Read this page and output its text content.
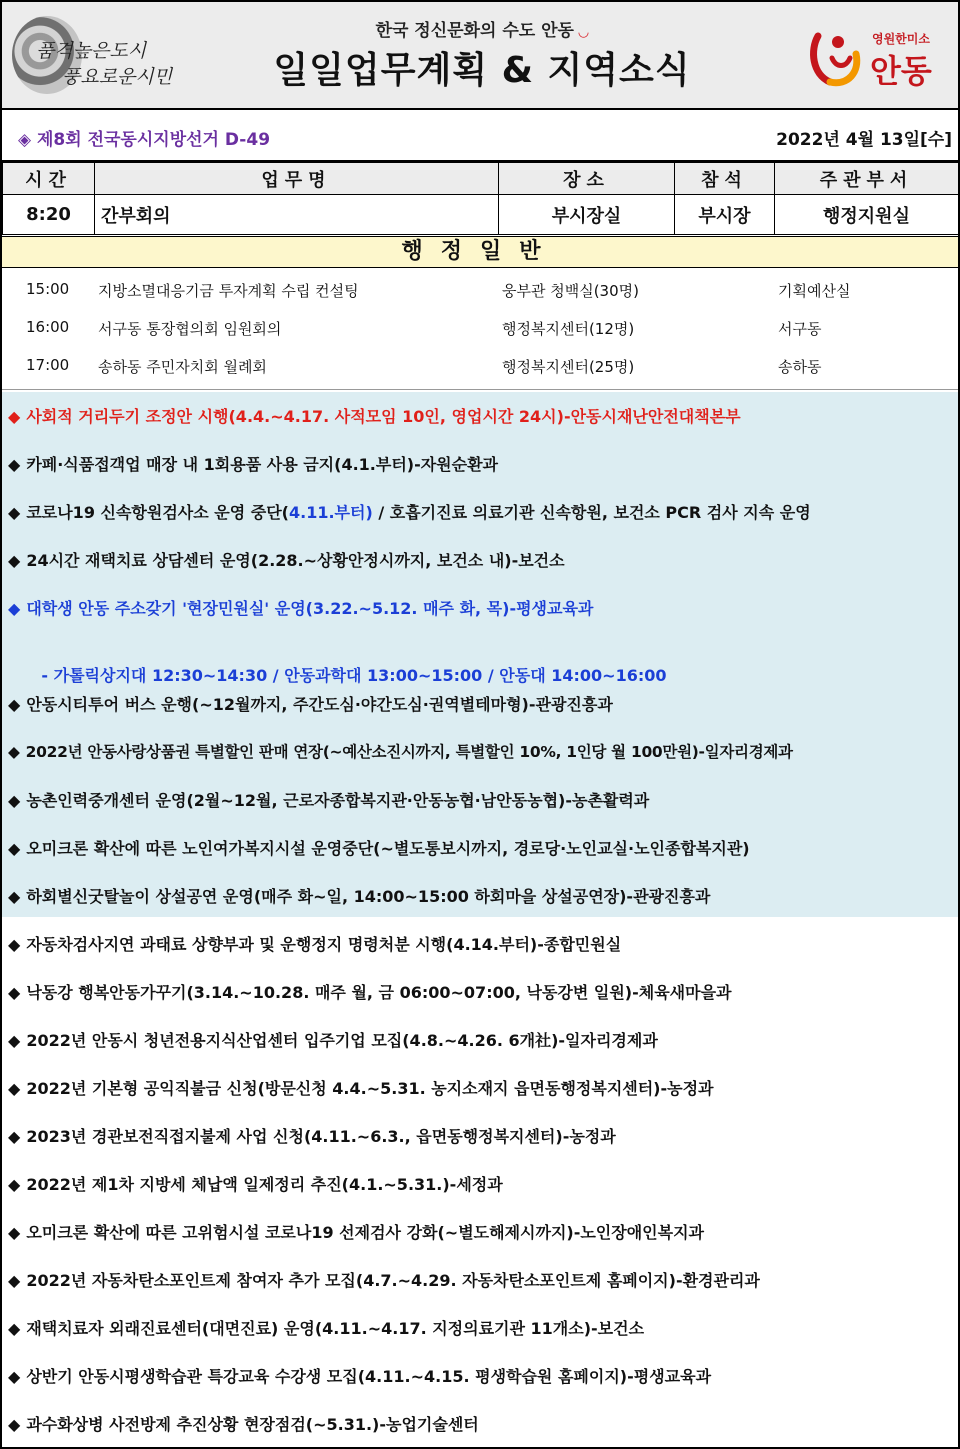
품격높은도시
풍요로운시민
한국 정신문화의 수도 안동 ◡
일일업무계획 & 지역소식
영원한미소
안동
◈ 제8회 전국동시지방선거 D-49	2022년 4월 13일[수]
시간	업무명	장소	참석	주관부서
8:20	간부회의	부시장실	부시장	행정지원실
행정일반
15:00 지방소멸대응기금 투자계획 수립 컨설팅	웅부관 청백실(30명)	기획예산실
16:00 서구동 통장협의회 임원회의	행정복지센터(12명)	서구동
17:00 송하동 주민자치회 월례회	행정복지센터(25명)	송하동
◆ 사회적 거리두기 조정안 시행(4.4.~4.17. 사적모임 10인, 영업시간 24시)-안동시재난안전대책본부
◆ 카페·식품접객업 매장 내 1회용품 사용 금지(4.1.부터)-자원순환과
◆ 코로나19 신속항원검사소 운영 중단(4.11.부터) / 호흡기진료 의료기관 신속항원, 보건소 PCR 검사 지속 운영
◆ 24시간 재택치료 상담센터 운영(2.28.~상황안정시까지, 보건소 내)-보건소
◆ 대학생 안동 주소갖기 '현장민원실' 운영(3.22.~5.12. 매주 화, 목)-평생교육과

- 가톨릭상지대 12:30~14:30 / 안동과학대 13:00~15:00 / 안동대 14:00~16:00

◆ 안동시티투어 버스 운행(~12월까지, 주간도심·야간도심·권역별테마형)-관광진흥과
◆ 2022년 안동사랑상품권 특별할인 판매 연장(~예산소진시까지, 특별할인 10%, 1인당 월 100만원)-일자리경제과
◆ 농촌인력중개센터 운영(2월~12월, 근로자종합복지관·안동농협·남안동농협)-농촌활력과
◆ 오미크론 확산에 따른 노인여가복지시설 운영중단(~별도통보시까지, 경로당·노인교실·노인종합복지관)
◆ 하회별신굿탈놀이 상설공연 운영(매주 화~일, 14:00~15:00 하회마을 상설공연장)-관광진흥과
◆ 자동차검사지연 과태료 상향부과 및 운행정지 명령처분 시행(4.14.부터)-종합민원실
◆ 낙동강 행복안동가꾸기(3.14.~10.28. 매주 월, 금 06:00~07:00, 낙동강변 일원)-체육새마을과
◆ 2022년 안동시 청년전용지식산업센터 입주기업 모집(4.8.~4.26. 6개社)-일자리경제과
◆ 2022년 기본형 공익직불금 신청(방문신청 4.4.~5.31. 농지소재지 읍면동행정복지센터)-농정과
◆ 2023년 경관보전직접지불제 사업 신청(4.11.~6.3., 읍면동행정복지센터)-농정과
◆ 2022년 제1차 지방세 체납액 일제정리 추진(4.1.~5.31.)-세정과
◆ 오미크론 확산에 따른 고위험시설 코로나19 선제검사 강화(~별도해제시까지)-노인장애인복지과
◆ 2022년 자동차탄소포인트제 참여자 추가 모집(4.7.~4.29. 자동차탄소포인트제 홈페이지)-환경관리과
◆ 재택치료자 외래진료센터(대면진료) 운영(4.11.~4.17. 지정의료기관 11개소)-보건소
◆ 상반기 안동시평생학습관 특강교육 수강생 모집(4.11.~4.15. 평생학습원 홈페이지)-평생교육과
◆ 과수화상병 사전방제 추진상황 현장점검(~5.31.)-농업기술센터
